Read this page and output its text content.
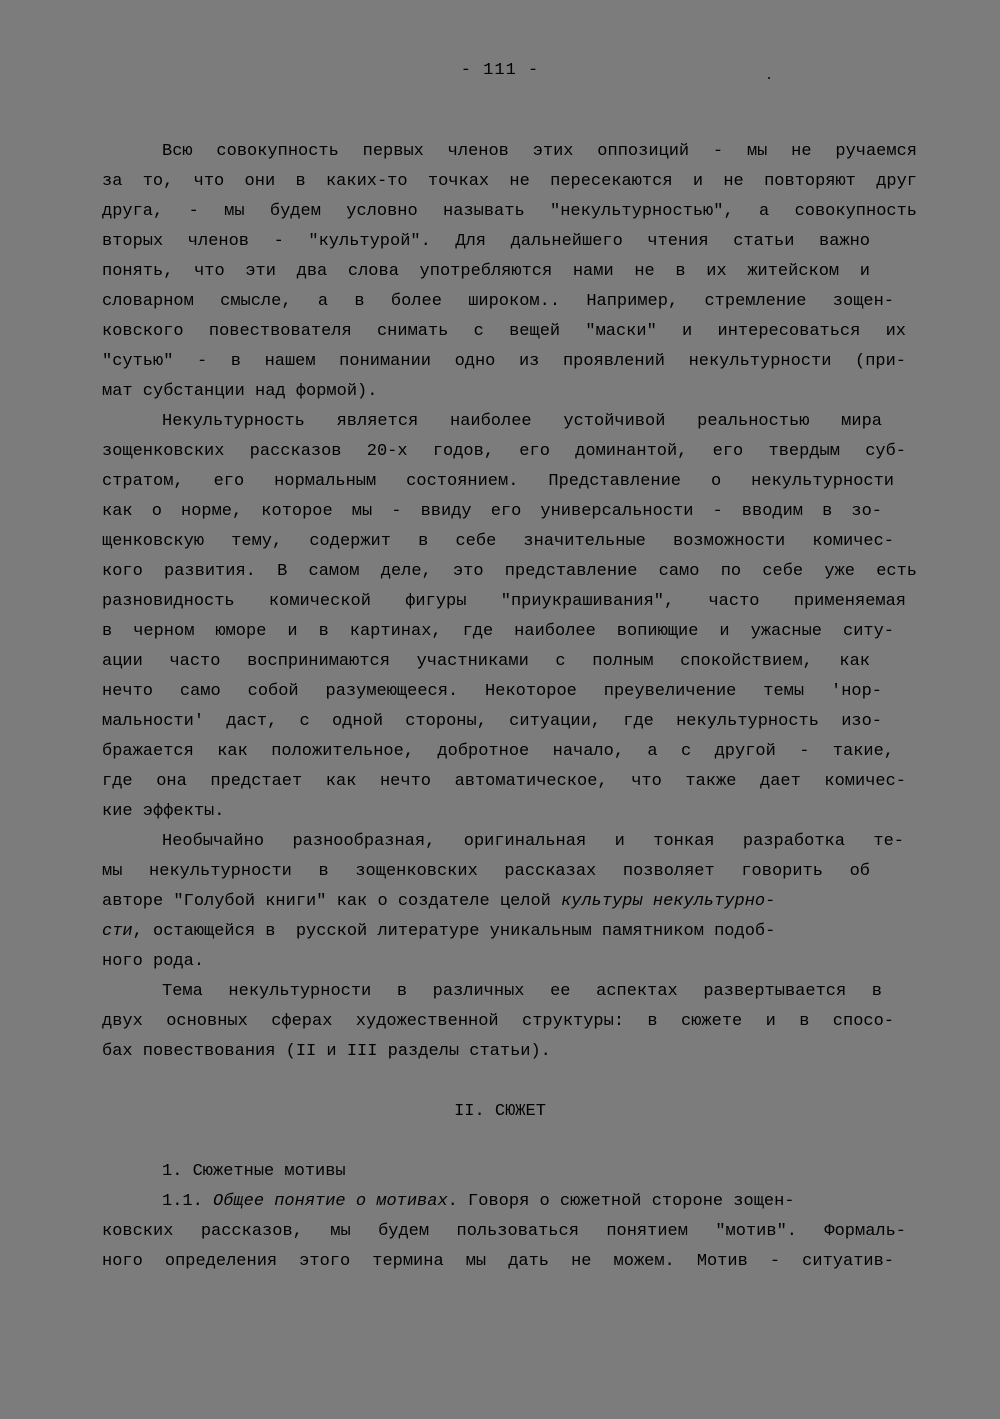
- 111 -
Всю совокупность первых членов этих оппозиций - мы не ручаемся
за то, что они в каких-то точках не пересекаются и не повторяют друг
друга, - мы будем условно называть "некультурностью", а совокупность
вторых членов - "культурой". Для дальнейшего чтения статьи важно
понять, что эти два слова употребляются нами не в их житейском и
словарном смысле, а в более широком.. Например, стремление зощен-
ковского повествователя снимать с вещей "маски" и интересоваться их
"сутью" - в нашем понимании одно из проявлений некультурности (при-
мат субстанции над формой).
Некультурность является наиболее устойчивой реальностью мира
зощенковских рассказов 20-х годов, его доминантой, его твердым суб-
стратом, его нормальным состоянием. Представление о некультурности
как о норме, которое мы - ввиду его универсальности - вводим в зо-
щенковскую тему, содержит в себе значительные возможности комичес-
кого развития. В самом деле, это представление само по себе уже есть
разновидность комической фигуры "приукрашивания", часто применяемая
в черном юморе и в картинах, где наиболее вопиющие и ужасные ситу-
ации часто воспринимаются участниками с полным спокойствием, как
нечто само собой разумеющееся. Некоторое преувеличение темы 'нор-
мальности' даст, с одной стороны, ситуации, где некультурность изо-
бражается как положительное, добротное начало, а с другой - такие,
где она предстает как нечто автоматическое, что также дает комичес-
кие эффекты.
Необычайно разнообразная, оригинальная и тонкая разработка те-
мы некультурности в зощенковских рассказах позволяет говорить об
авторе "Голубой книги" как о создателе целой культуры некультурно-
сти, остающейся в  русской литературе уникальным памятником подоб-
ного рода.
Тема некультурности в различных ее аспектах развертывается в
двух основных сферах художественной структуры: в сюжете и в спосо-
бах повествования (II и III разделы статьи).
II. СЮЖЕТ
1. Сюжетные мотивы
1.1. Общее понятие о мотивах. Говоря о сюжетной стороне зощен-
ковских рассказов, мы будем пользоваться понятием "мотив". Формаль-
ного определения этого термина мы дать не можем. Мотив - ситуатив-
